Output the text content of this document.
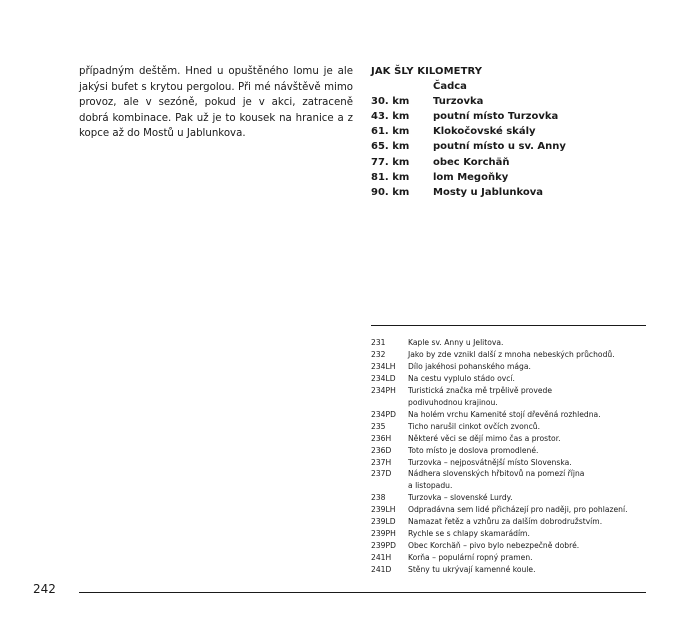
případným deštěm. Hned u opuštěného lomu je ale jakýsi bufet s krytou pergolou. Při mé návštěvě mimo provoz, ale v sezóně, pokud je v akci, zatraceně dobrá kombinace. Pak už je to kousek na hranice a z kopce až do Mostů u Jablunkova.

JAK ŠLY KILOMETRY
Čadca
30. km	Turzovka
43. km	poutní místo Turzovka
61. km	Klokočovské skály
65. km	poutní místo u sv. Anny
77. km	obec Korchäň
81. km	lom Megoňky
90. km	Mosty u Jablunkova
231	Kaple sv. Anny u Jelitova.
232	Jako by zde vznikl další z mnoha nebeských průchodů.
234LH	Dílo jakéhosi pohanského mága.
234LD	Na cestu vyplulo stádo ovcí.
234PH	Turistická značka mě trpělivě provede
podivuhodnou krajinou.
234PD	Na holém vrchu Kamenité stojí dřevěná rozhledna.
235	Ticho narušil cinkot ovčích zvonců.
236H	Některé věci se dějí mimo čas a prostor.
236D	Toto místo je doslova promodlené.
237H	Turzovka – nejposvátnější místo Slovenska.
237D	Nádhera slovenských hřbitovů na pomezí října
a listopadu.
238	Turzovka – slovenské Lurdy.
239LH	Odpradávna sem lidé přicházejí pro naději, pro pohlazení.
239LD	Namazat řetěz a vzhůru za dalším dobrodružstvím.
239PH	Rychle se s chlapy skamarádím.
239PD	Obec Korchäň – pivo bylo nebezpečně dobré.
241H	Korňa – populární ropný pramen.
241D	Stěny tu ukrývají kamenné koule.
242
